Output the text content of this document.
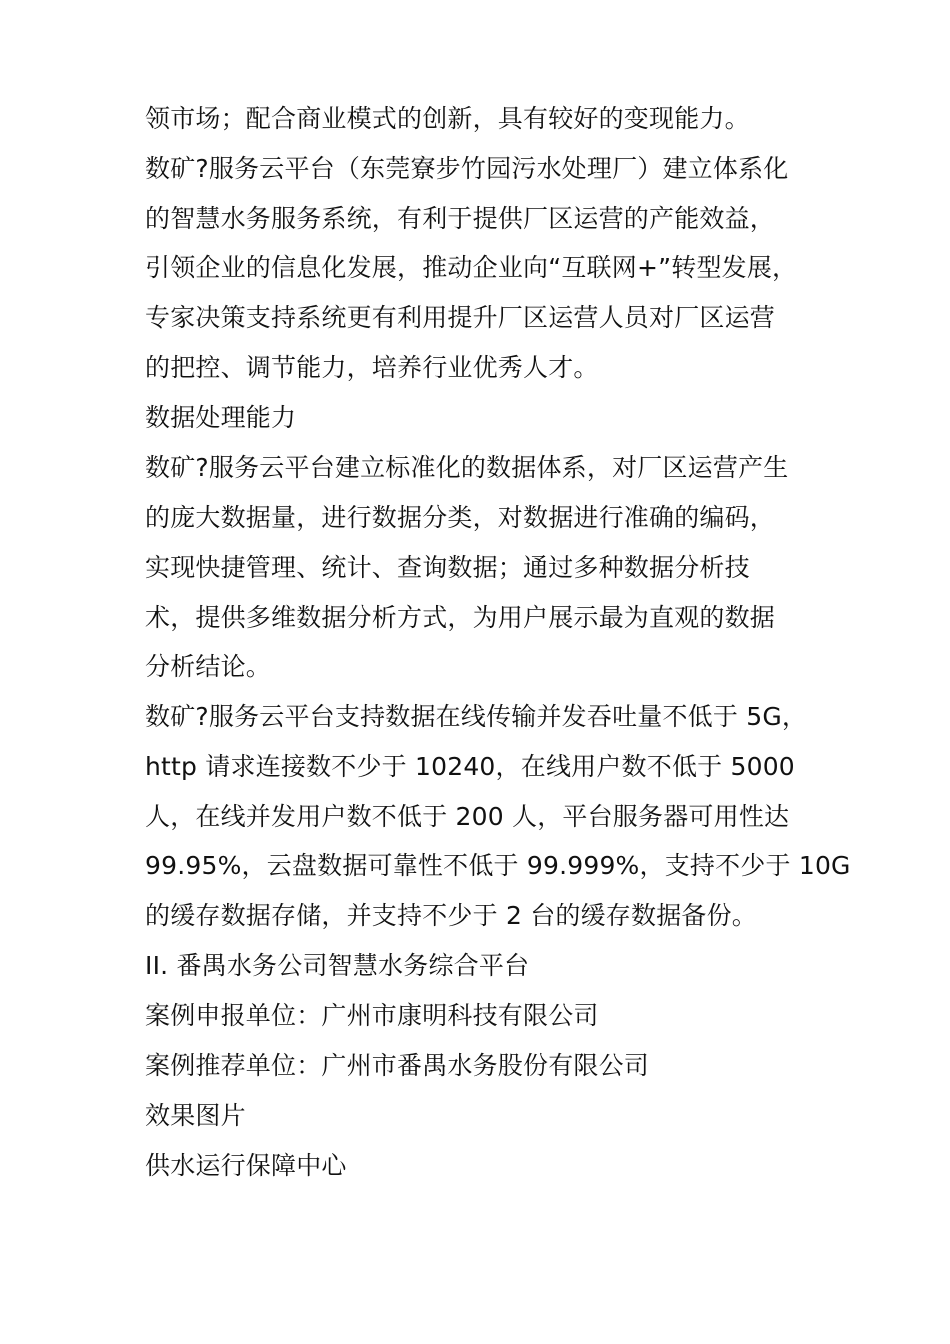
领市场；配合商业模式的创新，具有较好的变现能力。
数矿?服务云平台（东莞寮步竹园污水处理厂）建立体系化
的智慧水务服务系统，有利于提供厂区运营的产能效益，
引领企业的信息化发展，推动企业向“互联网+”转型发展，
专家决策支持系统更有利用提升厂区运营人员对厂区运营
的把控、调节能力，培养行业优秀人才。
数据处理能力
数矿?服务云平台建立标准化的数据体系，对厂区运营产生
的庞大数据量，进行数据分类，对数据进行准确的编码，
实现快捷管理、统计、查询数据；通过多种数据分析技
术，提供多维数据分析方式，为用户展示最为直观的数据
分析结论。
数矿?服务云平台支持数据在线传输并发吞吐量不低于 5G，
http 请求连接数不少于 10240，在线用户数不低于 5000
人，在线并发用户数不低于 200 人，平台服务器可用性达
99.95%，云盘数据可靠性不低于 99.999%，支持不少于 10G
的缓存数据存储，并支持不少于 2 台的缓存数据备份。
II. 番禺水务公司智慧水务综合平台
案例申报单位：广州市康明科技有限公司
案例推荐单位：广州市番禺水务股份有限公司
效果图片
供水运行保障中心
